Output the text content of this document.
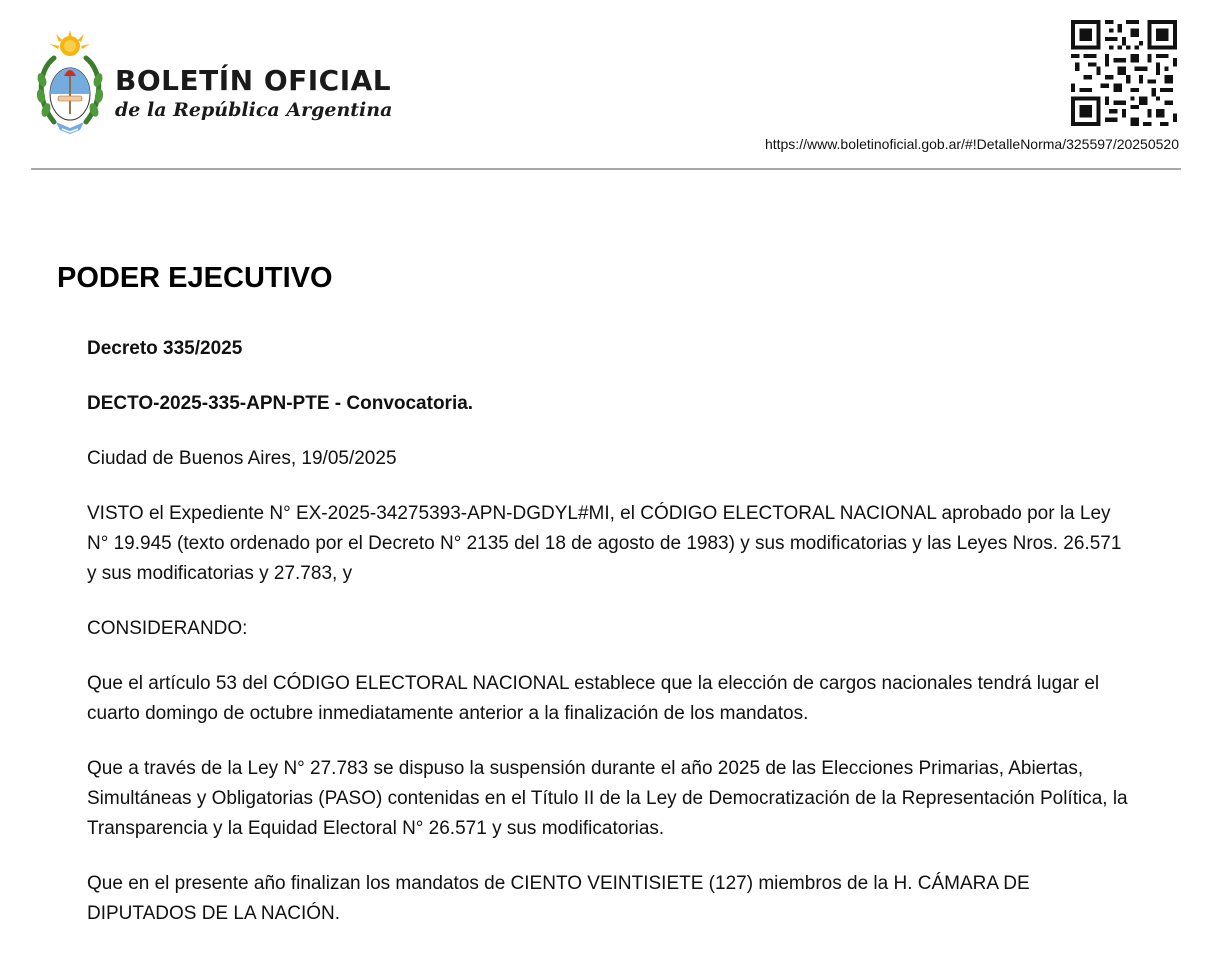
BOLETÍN OFICIAL
de la República Argentina
https://www.boletinoficial.gob.ar/#!DetalleNorma/325597/20250520
PODER EJECUTIVO

Decreto 335/2025

DECTO-2025-335-APN-PTE - Convocatoria.

Ciudad de Buenos Aires, 19/05/2025

VISTO el Expediente N° EX-2025-34275393-APN-DGDYL#MI, el CÓDIGO ELECTORAL NACIONAL aprobado por la Ley N° 19.945 (texto ordenado por el Decreto N° 2135 del 18 de agosto de 1983) y sus modificatorias y las Leyes Nros. 26.571 y sus modificatorias y 27.783, y

CONSIDERANDO:

Que el artículo 53 del CÓDIGO ELECTORAL NACIONAL establece que la elección de cargos nacionales tendrá lugar el cuarto domingo de octubre inmediatamente anterior a la finalización de los mandatos.

Que a través de la Ley N° 27.783 se dispuso la suspensión durante el año 2025 de las Elecciones Primarias, Abiertas, Simultáneas y Obligatorias (PASO) contenidas en el Título II de la Ley de Democratización de la Representación Política, la Transparencia y la Equidad Electoral N° 26.571 y sus modificatorias.

Que en el presente año finalizan los mandatos de CIENTO VEINTISIETE (127) miembros de la H. CÁMARA DE DIPUTADOS DE LA NACIÓN.
